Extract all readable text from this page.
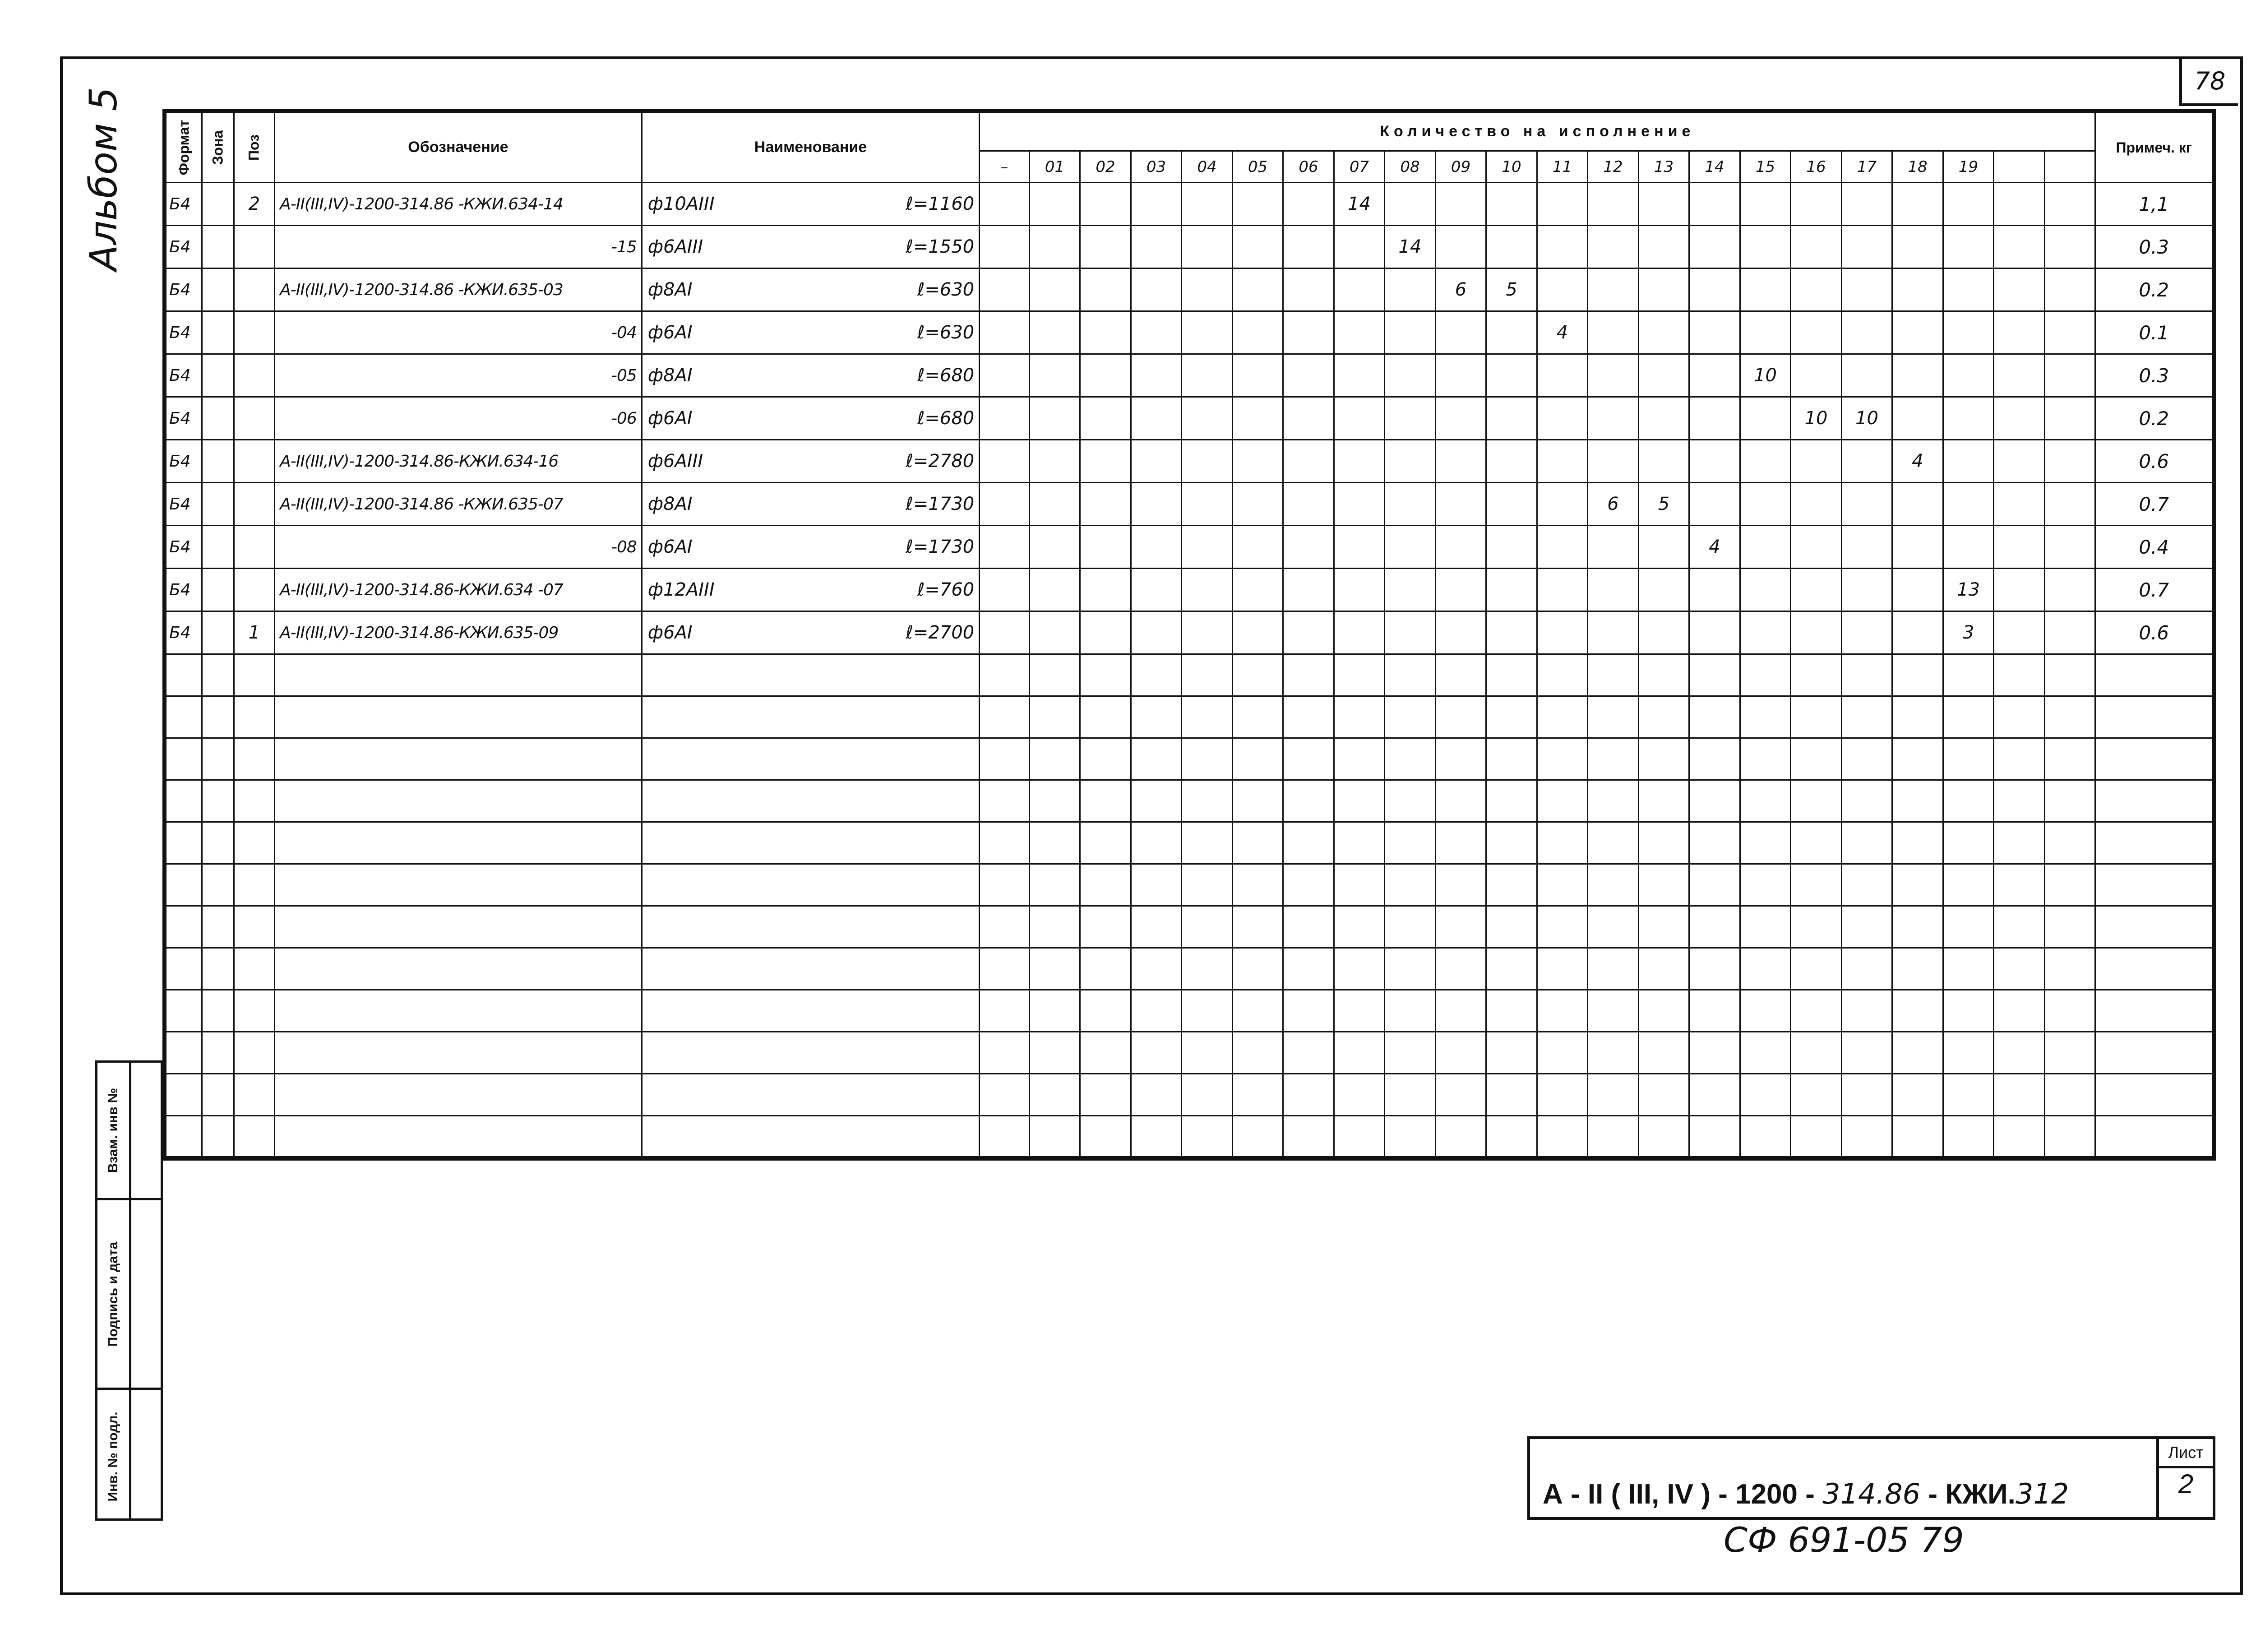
78
Альбом 5	Формат	Зона	Поз	Обозначение	Наименование	Количество на исполнение																						Примеч. кг
					–	01	02	03	04	05	06	07	08	09	10	11	12	13	14	15	16	17	18	19			
Б4		2	А-II(III,IV)-1200-314.86 -КЖИ.634-14	ф10АIII ℓ=1160								14															1,1
Б4			-15	ф6АIII ℓ=1550									14														0.3
Б4			А-II(III,IV)-1200-314.86 -КЖИ.635-03	ф8АI ℓ=630										6	5												0.2
Б4			-04	ф6АI ℓ=630												4											0.1
Б4			-05	ф8АI ℓ=680																10							0.3
Б4			-06	ф6АI ℓ=680																	10	10					0.2
Б4			А-II(III,IV)-1200-314.86-КЖИ.634-16	ф6АIII ℓ=2780																			4				0.6
Б4			А-II(III,IV)-1200-314.86 -КЖИ.635-07	ф8АI ℓ=1730													6	5									0.7
Б4			-08	ф6АI ℓ=1730															4								0.4
Б4			А-II(III,IV)-1200-314.86-КЖИ.634 -07	ф12АIII ℓ=760																				13			0.7
Б4		1	А-II(III,IV)-1200-314.86-КЖИ.635-09	ф6АI ℓ=2700																				3			0.6

Взам. инв №
Подпись и дата
Инв. № подл.	А - II ( III, IV ) - 1200 - 314.86 - КЖИ.312
Лист
2
СФ 691-05 79
